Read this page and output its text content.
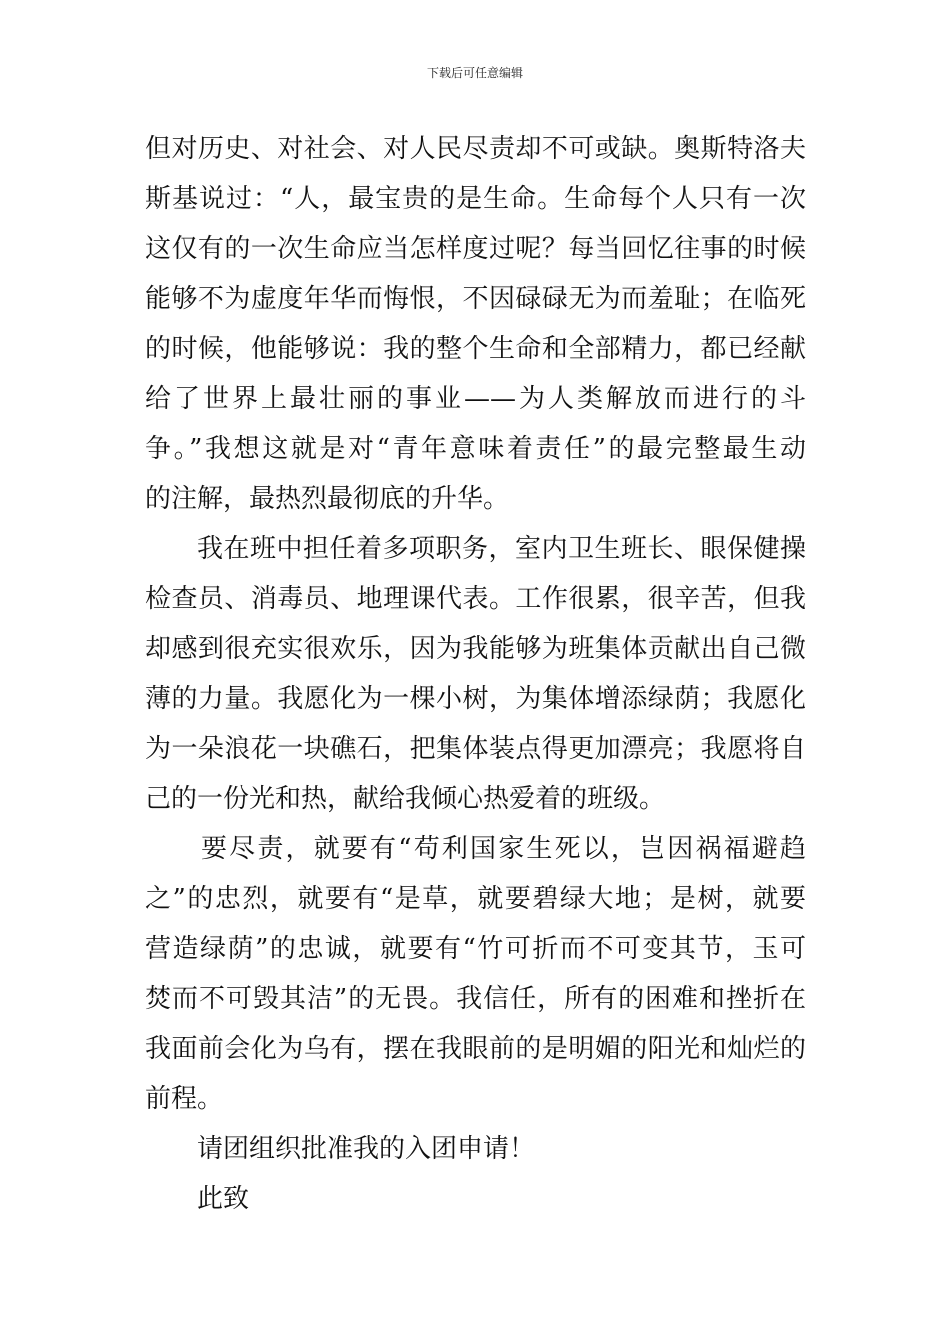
下载后可任意编辑
但对历史、对社会、对人民尽责却不可或缺。奥斯特洛夫
斯基说过：“人，最宝贵的是生命。生命每个人只有一次
这仅有的一次生命应当怎样度过呢？每当回忆往事的时候
能够不为虚度年华而悔恨，不因碌碌无为而羞耻；在临死
的时候，他能够说：我的整个生命和全部精力，都已经献
给了世界上最壮丽的事业——为人类解放而进行的斗
争。”我想这就是对“青年意味着责任”的最完整最生动
的注解，最热烈最彻底的升华。
我在班中担任着多项职务，室内卫生班长、眼保健操
检查员、消毒员、地理课代表。工作很累，很辛苦，但我
却感到很充实很欢乐，因为我能够为班集体贡献出自己微
薄的力量。我愿化为一棵小树，为集体增添绿荫；我愿化
为一朵浪花一块礁石，把集体装点得更加漂亮；我愿将自
己的一份光和热，献给我倾心热爱着的班级。
要尽责，就要有“苟利国家生死以，岂因祸福避趋
之”的忠烈，就要有“是草，就要碧绿大地；是树，就要
营造绿荫”的忠诚，就要有“竹可折而不可变其节，玉可
焚而不可毁其洁”的无畏。我信任，所有的困难和挫折在
我面前会化为乌有，摆在我眼前的是明媚的阳光和灿烂的
前程。
请团组织批准我的入团申请！
此致
